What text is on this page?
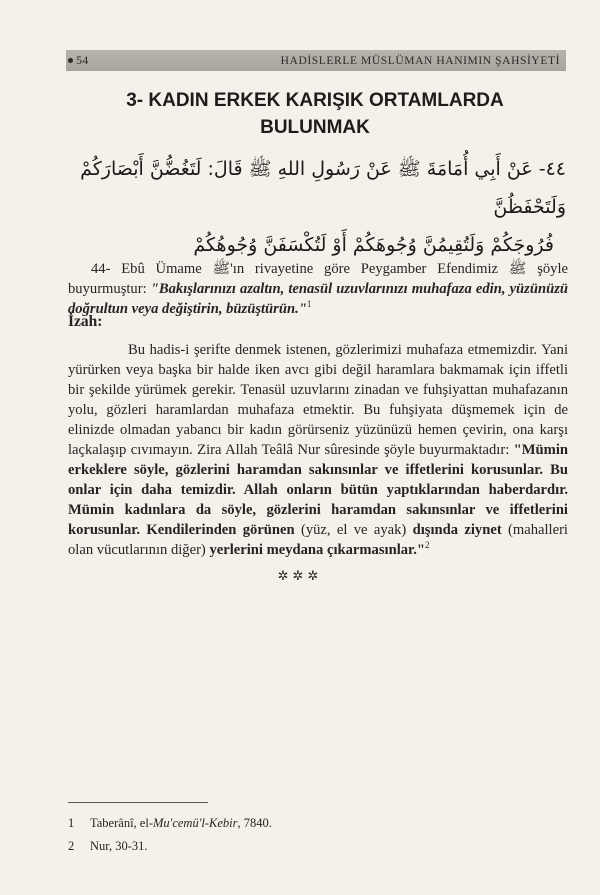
54	HADİSLERLE MÜSLÜMAN HANIMIN ŞAHSİYETİ
3- KADIN ERKEK KARIŞIK ORTAMLARDA
BULUNMAK
٤٤- عَنْ أَبِي أُمَامَةَ ﷺ عَنْ رَسُولِ اللهِ ﷺ قَالَ: لَتَغُضُّنَّ أَبْصَارَكُمْ وَلَتَحْفَظُنَّ
فُرُوجَكُمْ وَلَتُقِيمُنَّ وُجُوهَكُمْ أَوْ لَتُكْسَفَنَّ وُجُوهُكُمْ
44- Ebû Ümame ﷺ'ın rivayetine göre Peygamber Efendimiz ﷺ şöyle buyurmuştur: "Bakışlarınızı azaltın, tenasül uzuvlarınızı muhafaza edin, yüzünüzü doğrultun veya değiştirin, büzüştürün."$^1$
İzah:
Bu hadis-i şerifte denmek istenen, gözlerimizi muhafaza etmemizdir. Yani yürürken veya başka bir halde iken avcı gibi değil haramlara bakmamak için iffetli bir şekilde yürümek gerekir. Tenasül uzuvlarını zinadan ve fuhşiyattan muhafazanın yolu, gözleri haramlardan muhafaza etmektir. Bu fuhşiyata düşmemek için de elinizde olmadan yabancı bir kadın görürseniz yüzünüzü hemen çevirin, ona karşı laçkalaşıp cıvımayın. Zira Allah Teâlâ Nur sûresinde şöyle buyurmaktadır: "Mümin erkeklere söyle, gözlerini haramdan sakınsınlar ve iffetlerini korusunlar. Bu onlar için daha temizdir. Allah onların bütün yaptıklarından haberdardır. Mümin kadınlara da söyle, gözlerini haramdan sakınsınlar ve iffetlerini korusunlar. Kendilerinden görünen (yüz, el ve ayak) dışında ziynet (mahalleri olan vücutlarının diğer) yerlerini meydana çıkarmasınlar."$^2$
✲✲✲
1 Taberânî, el-Mu'cemü'l-Kebir, 7840.
2 Nur, 30-31.
